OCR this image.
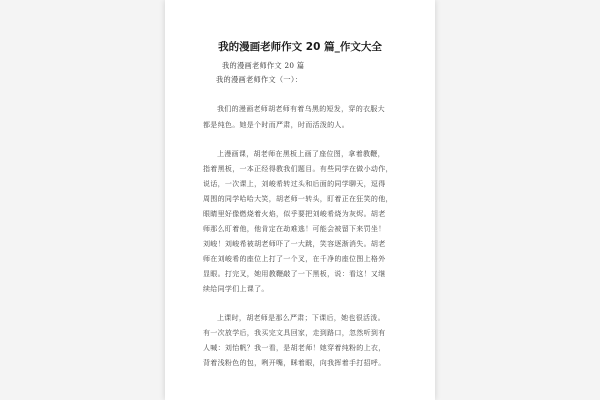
我的漫画老师作文 20 篇_作文大全
我的漫画老师作文 20 篇
我的漫画老师作文（一）：
我们的漫画老师胡老师有着乌黑的短发，穿的衣服大
都是纯色。她是个时而严肃，时而活泼的人。
上漫画课，胡老师在黑板上画了座位图，拿着教鞭，
指着黑板，一本正经得教我们题目。有些同学在做小动作，
说话，一次课上，刘峻希转过头和后面的同学聊天，逗得
周围的同学哈哈大笑，胡老师一转头，盯着正在狂笑的他，
眼睛里好像燃烧着火焰，似乎要把刘峻希烧为灰烬。胡老
师那么盯着他，他肯定在劫难逃！可能会被留下来罚坐！
刘峻！刘峻希被胡老师吓了一大跳，笑容逐渐消失。胡老
师在刘峻希的座位上打了一个叉，在千净的座位图上格外
显眼。打完叉，她用教鞭敲了一下黑板，说：看这！又继
续给同学们上课了。
上课时，胡老师是那么严肃；下课后，她也很活泼。
有一次放学后，我买完文具回家，走到路口，忽然听到有
人喊：刘怡帆？我一看，是胡老师！她穿着纯粉的上衣，
背着浅粉色的包，咧开嘴，眯着眼，向我挥着手打招呼。
